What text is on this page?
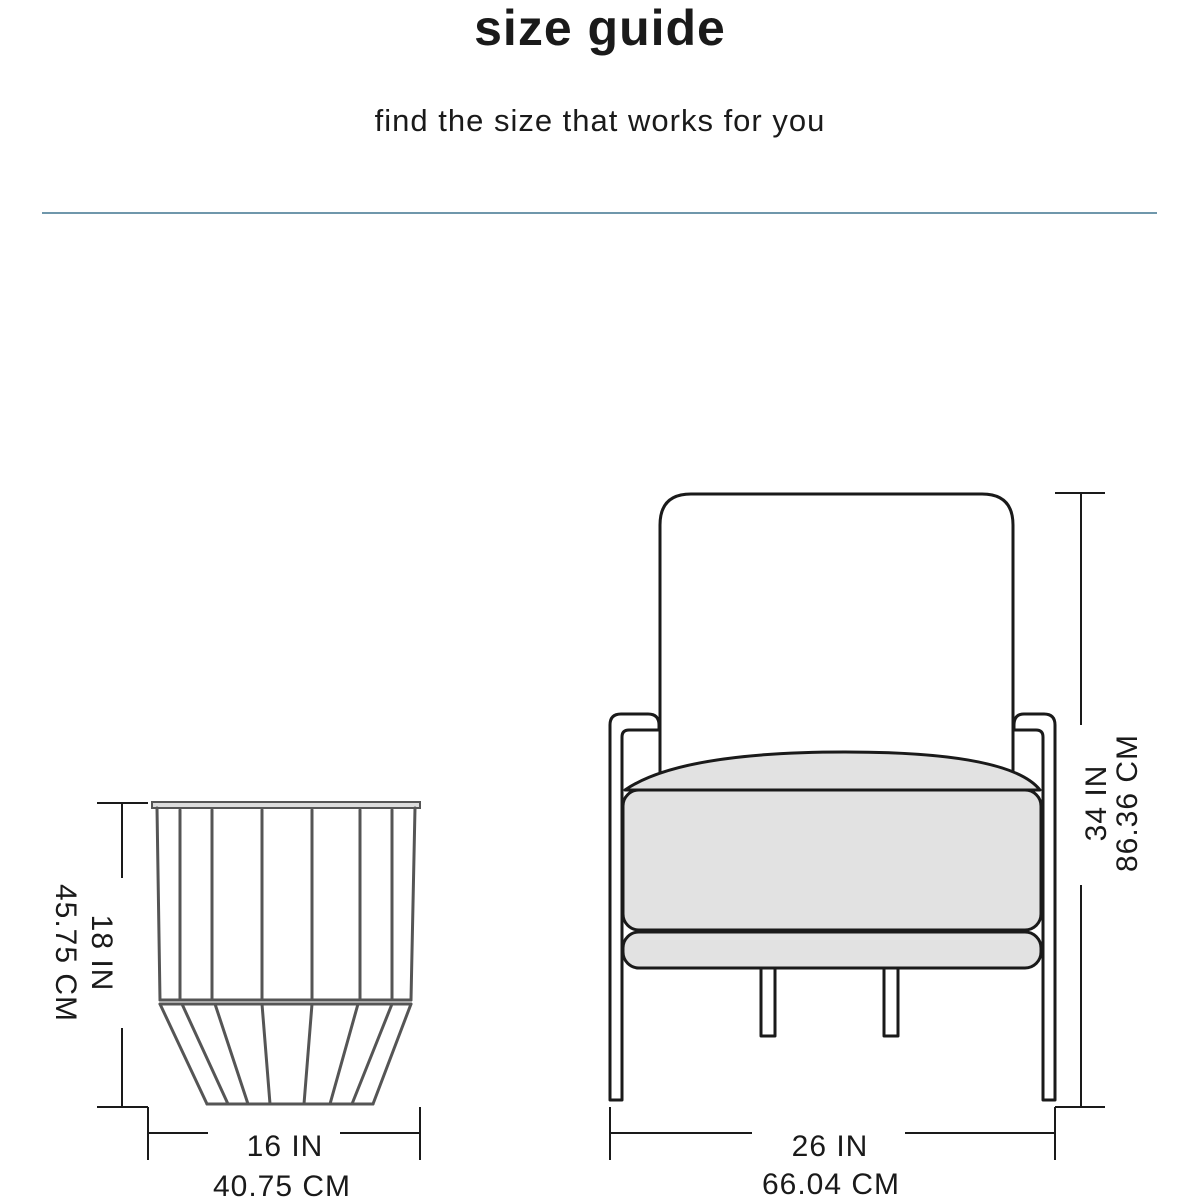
size guide
find the size that works for you
18 IN
45.75 CM
16 IN
40.75 CM
34 IN
86.36 CM
26 IN
66.04 CM
